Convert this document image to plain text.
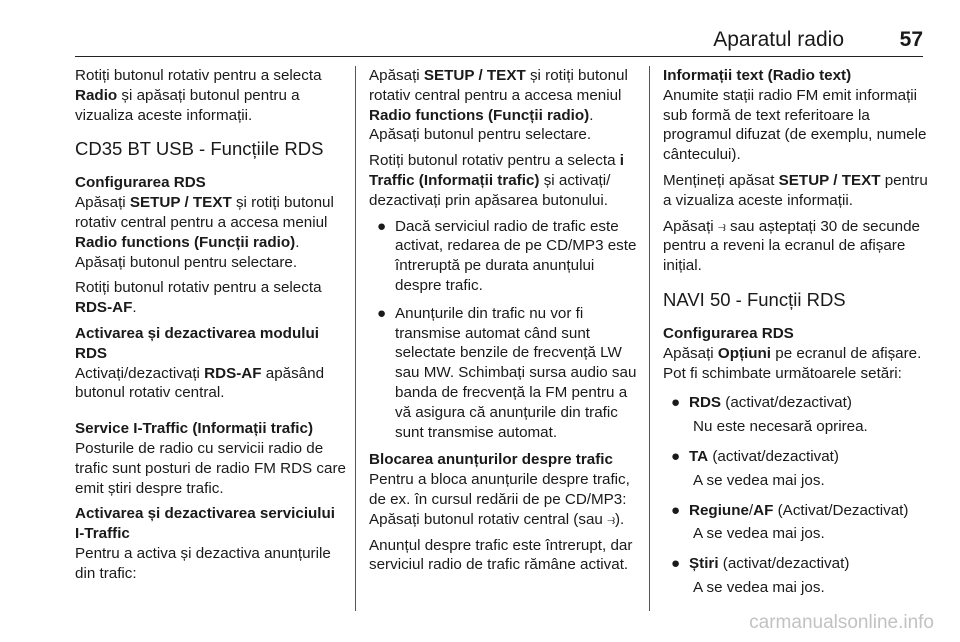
Aparatul radio	57

Rotiți butonul rotativ pentru a selecta Radio și apăsați butonul pentru a vizualiza aceste informații.

CD35 BT USB - Funcțiile RDS

Configurarea RDS

Apăsați SETUP / TEXT și rotiți butonul rotativ central pentru a accesa meniul Radio functions (Funcții radio). Apăsați butonul pentru selectare.

Rotiți butonul rotativ pentru a selecta RDS-AF.

Activarea și dezactivarea modului RDS

Activați/dezactivați RDS-AF apăsând butonul rotativ central.

Service I-Traffic (Informații trafic)

Posturile de radio cu servicii radio de trafic sunt posturi de radio FM RDS care emit știri despre trafic.

Activarea și dezactivarea serviciului I-Traffic

Pentru a activa și dezactiva anunțurile din trafic:

Apăsați SETUP / TEXT și rotiți butonul rotativ central pentru a accesa meniul Radio functions (Funcții radio). Apăsați butonul pentru selectare.

Rotiți butonul rotativ pentru a selecta i Traffic (Informații trafic) și activați/ dezactivați prin apăsarea butonului.

● Dacă serviciul radio de trafic este activat, redarea de pe CD/MP3 este întreruptă pe durata anunțului despre trafic.
● Anunțurile din trafic nu vor fi transmise automat când sunt selectate benzile de frecvență LW sau MW. Schimbați sursa audio sau banda de frecvență la FM pentru a vă asigura că anunțurile din trafic sunt transmise automat.

Blocarea anunțurilor despre trafic

Pentru a bloca anunțurile despre trafic, de ex. în cursul redării de pe CD/MP3: Apăsați butonul rotativ central (sau ⥽).

Anunțul despre trafic este întrerupt, dar serviciul radio de trafic rămâne activat.

Informații text (Radio text)

Anumite stații radio FM emit informații sub formă de text referitoare la programul difuzat (de exemplu, numele cântecului).

Mențineți apăsat SETUP / TEXT pentru a vizualiza aceste informații.

Apăsați ⥽ sau așteptați 30 de secunde pentru a reveni la ecranul de afișare inițial.

NAVI 50 - Funcții RDS

Configurarea RDS

Apăsați Opțiuni pe ecranul de afișare. Pot fi schimbate următoarele setări:

● RDS (activat/dezactivat)
Nu este necesară oprirea.
● TA (activat/dezactivat)
A se vedea mai jos.
● Regiune/AF (Activat/Dezactivat)
A se vedea mai jos.
● Știri (activat/dezactivat)
A se vedea mai jos.
carmanualsonline.info
